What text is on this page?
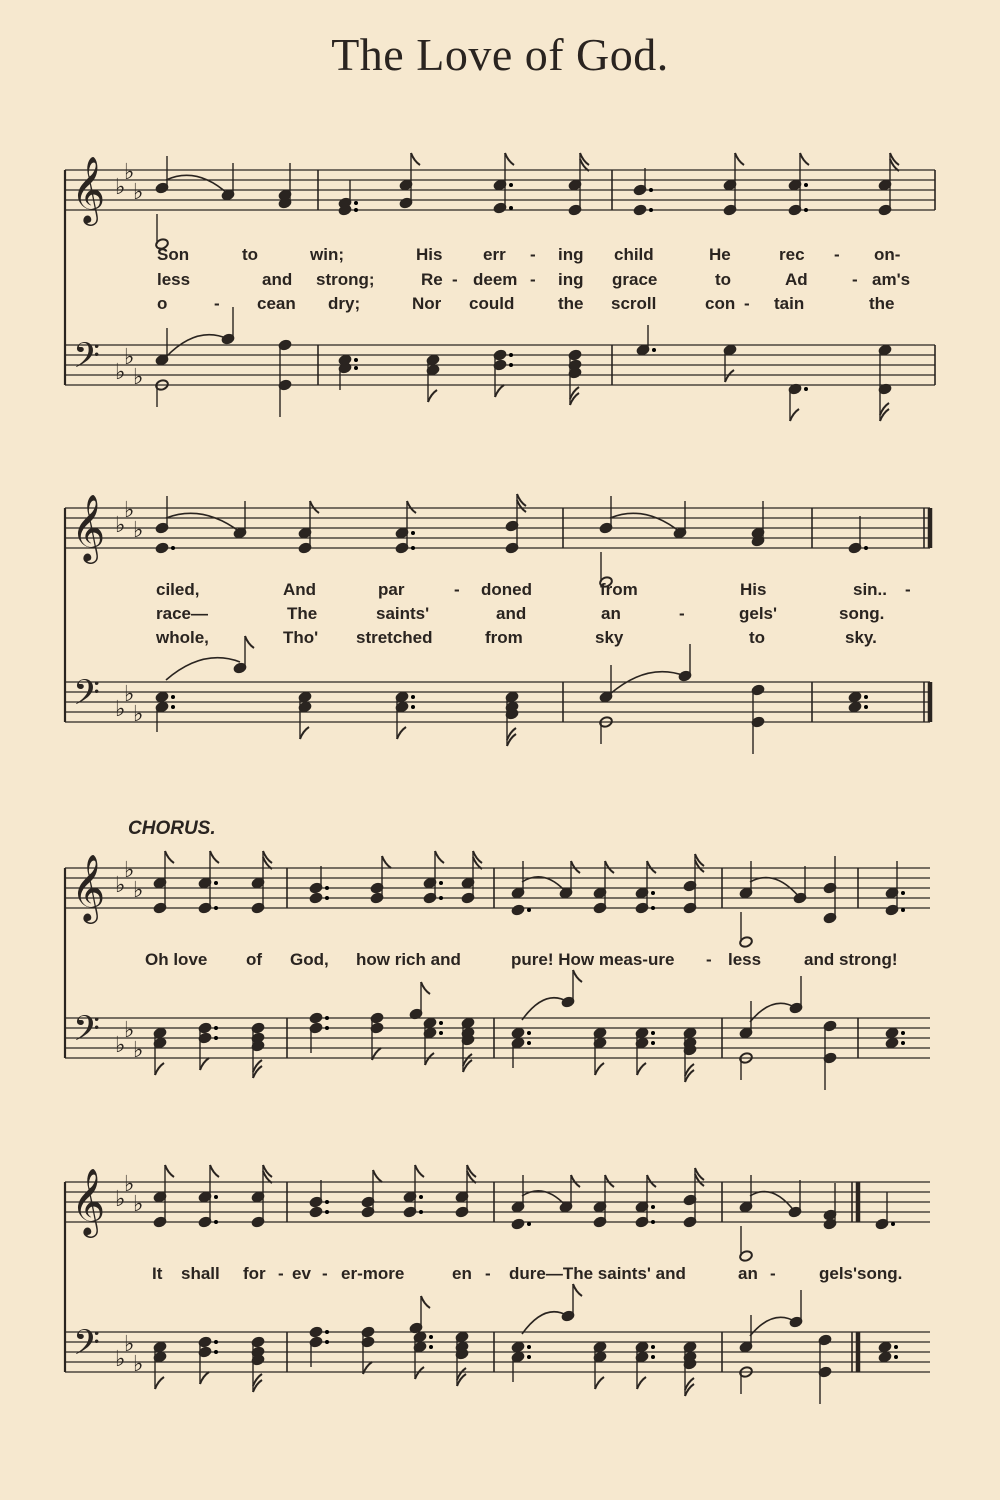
The Love of God.
CHORUS.
𝄞
𝄢
♭
♭
♭
♭
♭
♭
𝄞
𝄢
♭
♭
♭
♭
♭
♭
𝄞
𝄢
♭
♭
♭
♭
♭
♭
𝄞
𝄢
♭
♭
♭
♭
♭
♭
Son	to	win;	His err - ing child	He	rec - on-
less	and strong;	Re - deem - ing grace	to	Ad	- am's
o	- cean dry;	Nor could	the scroll	con - tain	the
ciled,	And	par	- doned	from	His	sin.. -
race—	The	saints'	and	an	-	gels'	song.
whole,	Tho' stretched	from	sky	to	sky.
Oh love of God, how rich and	pure! How meas-ure - less	and strong!
It shall for - ev - er-more	en - dure—The saints' and	an -	gels' song.
